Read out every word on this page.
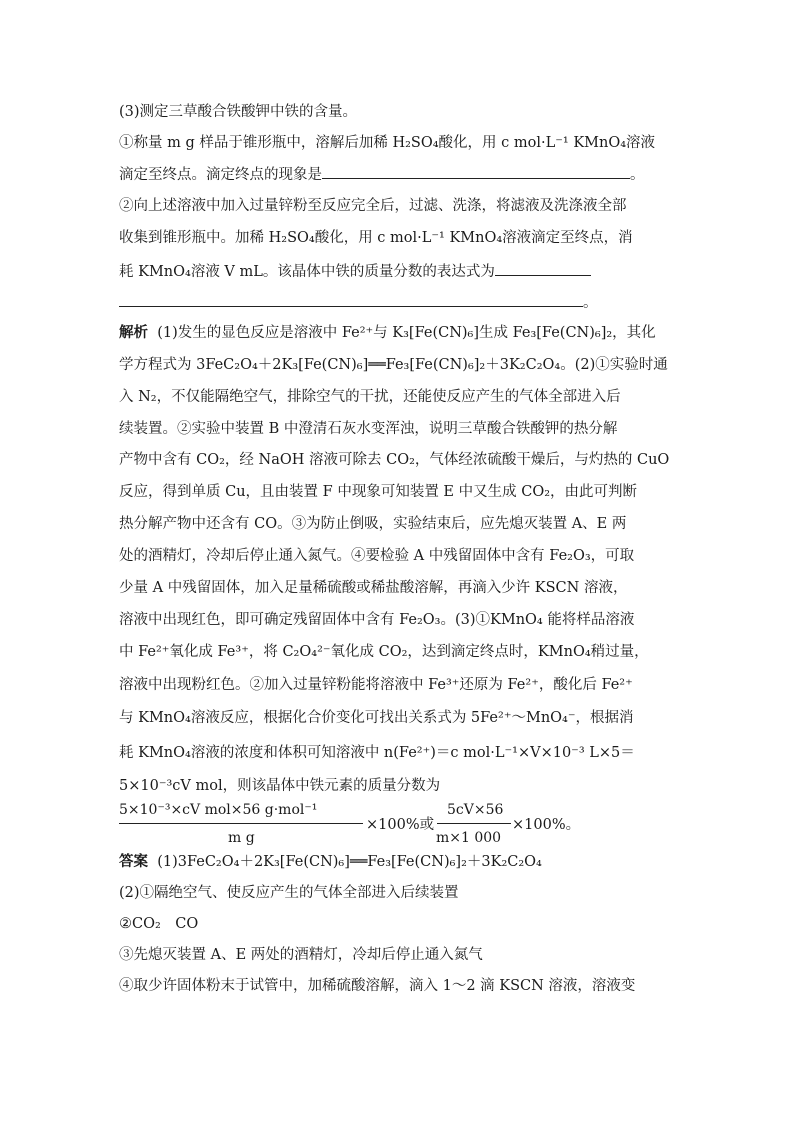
(3)测定三草酸合铁酸钾中铁的含量。
①称量 m g 样品于锥形瓶中，溶解后加稀 H₂SO₄酸化，用 c mol·L⁻¹ KMnO₄溶液
滴定至终点。滴定终点的现象是	。
②向上述溶液中加入过量锌粉至反应完全后，过滤、洗涤，将滤液及洗涤液全部
收集到锥形瓶中。加稀 H₂SO₄酸化，用 c mol·L⁻¹ KMnO₄溶液滴定至终点，消
耗 KMnO₄溶液 V mL。该晶体中铁的质量分数的表达式为
。
解析 (1)发生的显色反应是溶液中 Fe²⁺与 K₃[Fe(CN)₆]生成 Fe₃[Fe(CN)₆]₂，其化
学方程式为 3FeC₂O₄＋2K₃[Fe(CN)₆]══Fe₃[Fe(CN)₆]₂＋3K₂C₂O₄。(2)①实验时通
入 N₂，不仅能隔绝空气，排除空气的干扰，还能使反应产生的气体全部进入后
续装置。②实验中装置 B 中澄清石灰水变浑浊，说明三草酸合铁酸钾的热分解
产物中含有 CO₂，经 NaOH 溶液可除去 CO₂，气体经浓硫酸干燥后，与灼热的 CuO
反应，得到单质 Cu，且由装置 F 中现象可知装置 E 中又生成 CO₂，由此可判断
热分解产物中还含有 CO。③为防止倒吸，实验结束后，应先熄灭装置 A、E 两
处的酒精灯，冷却后停止通入氮气。④要检验 A 中残留固体中含有 Fe₂O₃，可取
少量 A 中残留固体，加入足量稀硫酸或稀盐酸溶解，再滴入少许 KSCN 溶液，
溶液中出现红色，即可确定残留固体中含有 Fe₂O₃。(3)①KMnO₄ 能将样品溶液
中 Fe²⁺氧化成 Fe³⁺，将 C₂O₄²⁻氧化成 CO₂，达到滴定终点时，KMnO₄稍过量，
溶液中出现粉红色。②加入过量锌粉能将溶液中 Fe³⁺还原为 Fe²⁺，酸化后 Fe²⁺
与 KMnO₄溶液反应，根据化合价变化可找出关系式为 5Fe²⁺～MnO₄⁻，根据消
耗 KMnO₄溶液的浓度和体积可知溶液中 n(Fe²⁺)＝c mol·L⁻¹×V×10⁻³ L×5＝
5×10⁻³cV mol，则该晶体中铁元素的质量分数为
5×10⁻³×cV mol×56 g·mol⁻¹
m g
×100%或
5cV×56
m×1 000
×100%。
答案 (1)3FeC₂O₄＋2K₃[Fe(CN)₆]══Fe₃[Fe(CN)₆]₂＋3K₂C₂O₄
(2)①隔绝空气、使反应产生的气体全部进入后续装置
②CO₂　CO
③先熄灭装置 A、E 两处的酒精灯，冷却后停止通入氮气
④取少许固体粉末于试管中，加稀硫酸溶解，滴入 1～2 滴 KSCN 溶液，溶液变
